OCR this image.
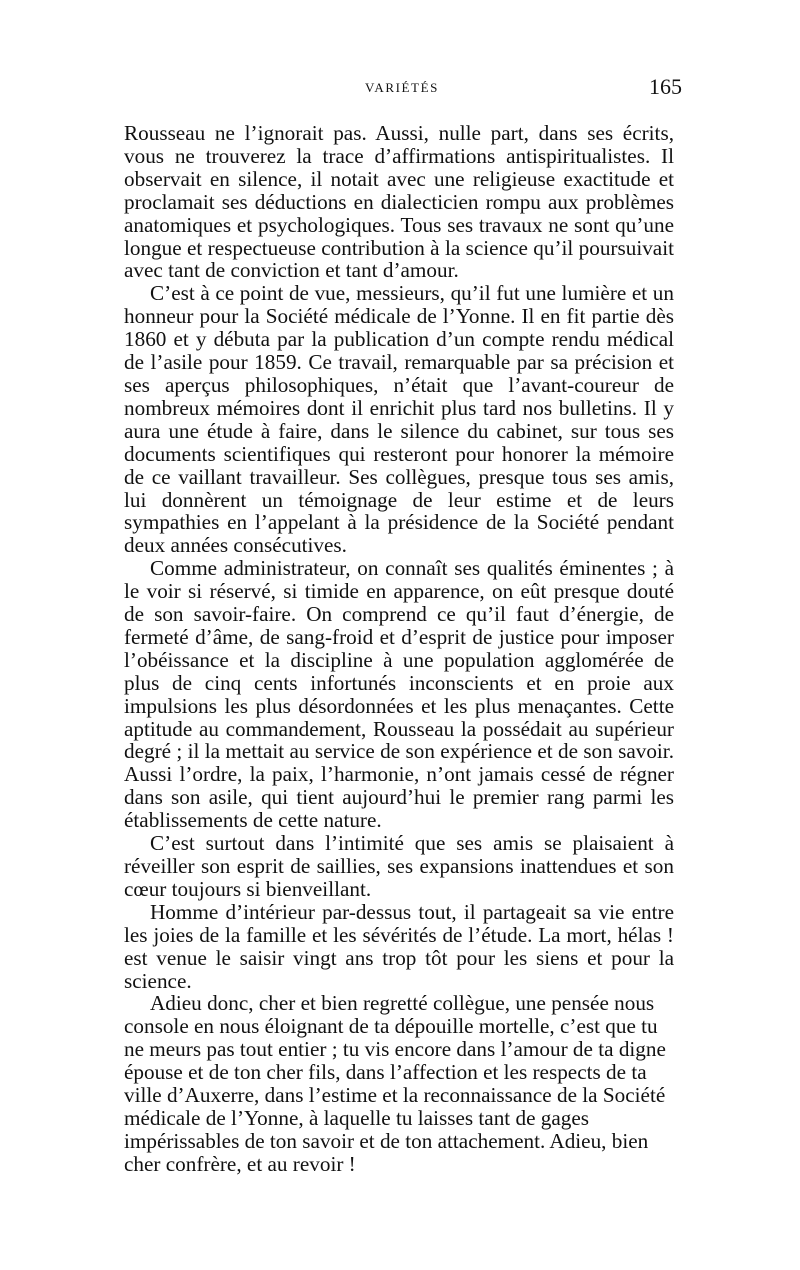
VARIÉTÉS	165

Rousseau ne l’ignorait pas. Aussi, nulle part, dans ses écrits, vous ne trouverez la trace d’affirmations antispiritualistes. Il observait en silence, il notait avec une religieuse exactitude et proclamait ses déductions en dialecticien rompu aux problèmes anatomiques et psychologiques. Tous ses travaux ne sont qu’une longue et respectueuse contribution à la science qu’il poursuivait avec tant de conviction et tant d’amour.

C’est à ce point de vue, messieurs, qu’il fut une lumière et un honneur pour la Société médicale de l’Yonne. Il en fit partie dès 1860 et y débuta par la publication d’un compte rendu médical de l’asile pour 1859. Ce travail, remarquable par sa précision et ses aperçus philosophiques, n’était que l’avant-coureur de nombreux mémoires dont il enrichit plus tard nos bulletins. Il y aura une étude à faire, dans le silence du cabinet, sur tous ses documents scientifiques qui resteront pour honorer la mémoire de ce vaillant travailleur. Ses collègues, presque tous ses amis, lui donnèrent un témoignage de leur estime et de leurs sympathies en l’appelant à la présidence de la Société pendant deux années consécutives.

Comme administrateur, on connaît ses qualités éminentes ; à le voir si réservé, si timide en apparence, on eût presque douté de son savoir-faire. On comprend ce qu’il faut d’énergie, de fermeté d’âme, de sang-froid et d’esprit de justice pour imposer l’obéissance et la discipline à une population agglomérée de plus de cinq cents infortunés inconscients et en proie aux impulsions les plus désordonnées et les plus menaçantes. Cette aptitude au commandement, Rousseau la possédait au supérieur degré ; il la mettait au service de son expérience et de son savoir. Aussi l’ordre, la paix, l’harmonie, n’ont jamais cessé de régner dans son asile, qui tient aujourd’hui le premier rang parmi les établissements de cette nature.

C’est surtout dans l’intimité que ses amis se plaisaient à réveiller son esprit de saillies, ses expansions inattendues et son cœur toujours si bienveillant.

Homme d’intérieur par-dessus tout, il partageait sa vie entre les joies de la famille et les sévérités de l’étude. La mort, hélas ! est venue le saisir vingt ans trop tôt pour les siens et pour la science.

Adieu donc, cher et bien regretté collègue, une pensée nous console en nous éloignant de ta dépouille mortelle, c’est que tu ne meurs pas tout entier ; tu vis encore dans l’amour de ta digne épouse et de ton cher fils, dans l’affection et les respects de ta ville d’Auxerre, dans l’estime et la reconnaissance de la Société médicale de l’Yonne, à laquelle tu laisses tant de gages impérissables de ton savoir et de ton attachement. Adieu, bien cher confrère, et au revoir !
